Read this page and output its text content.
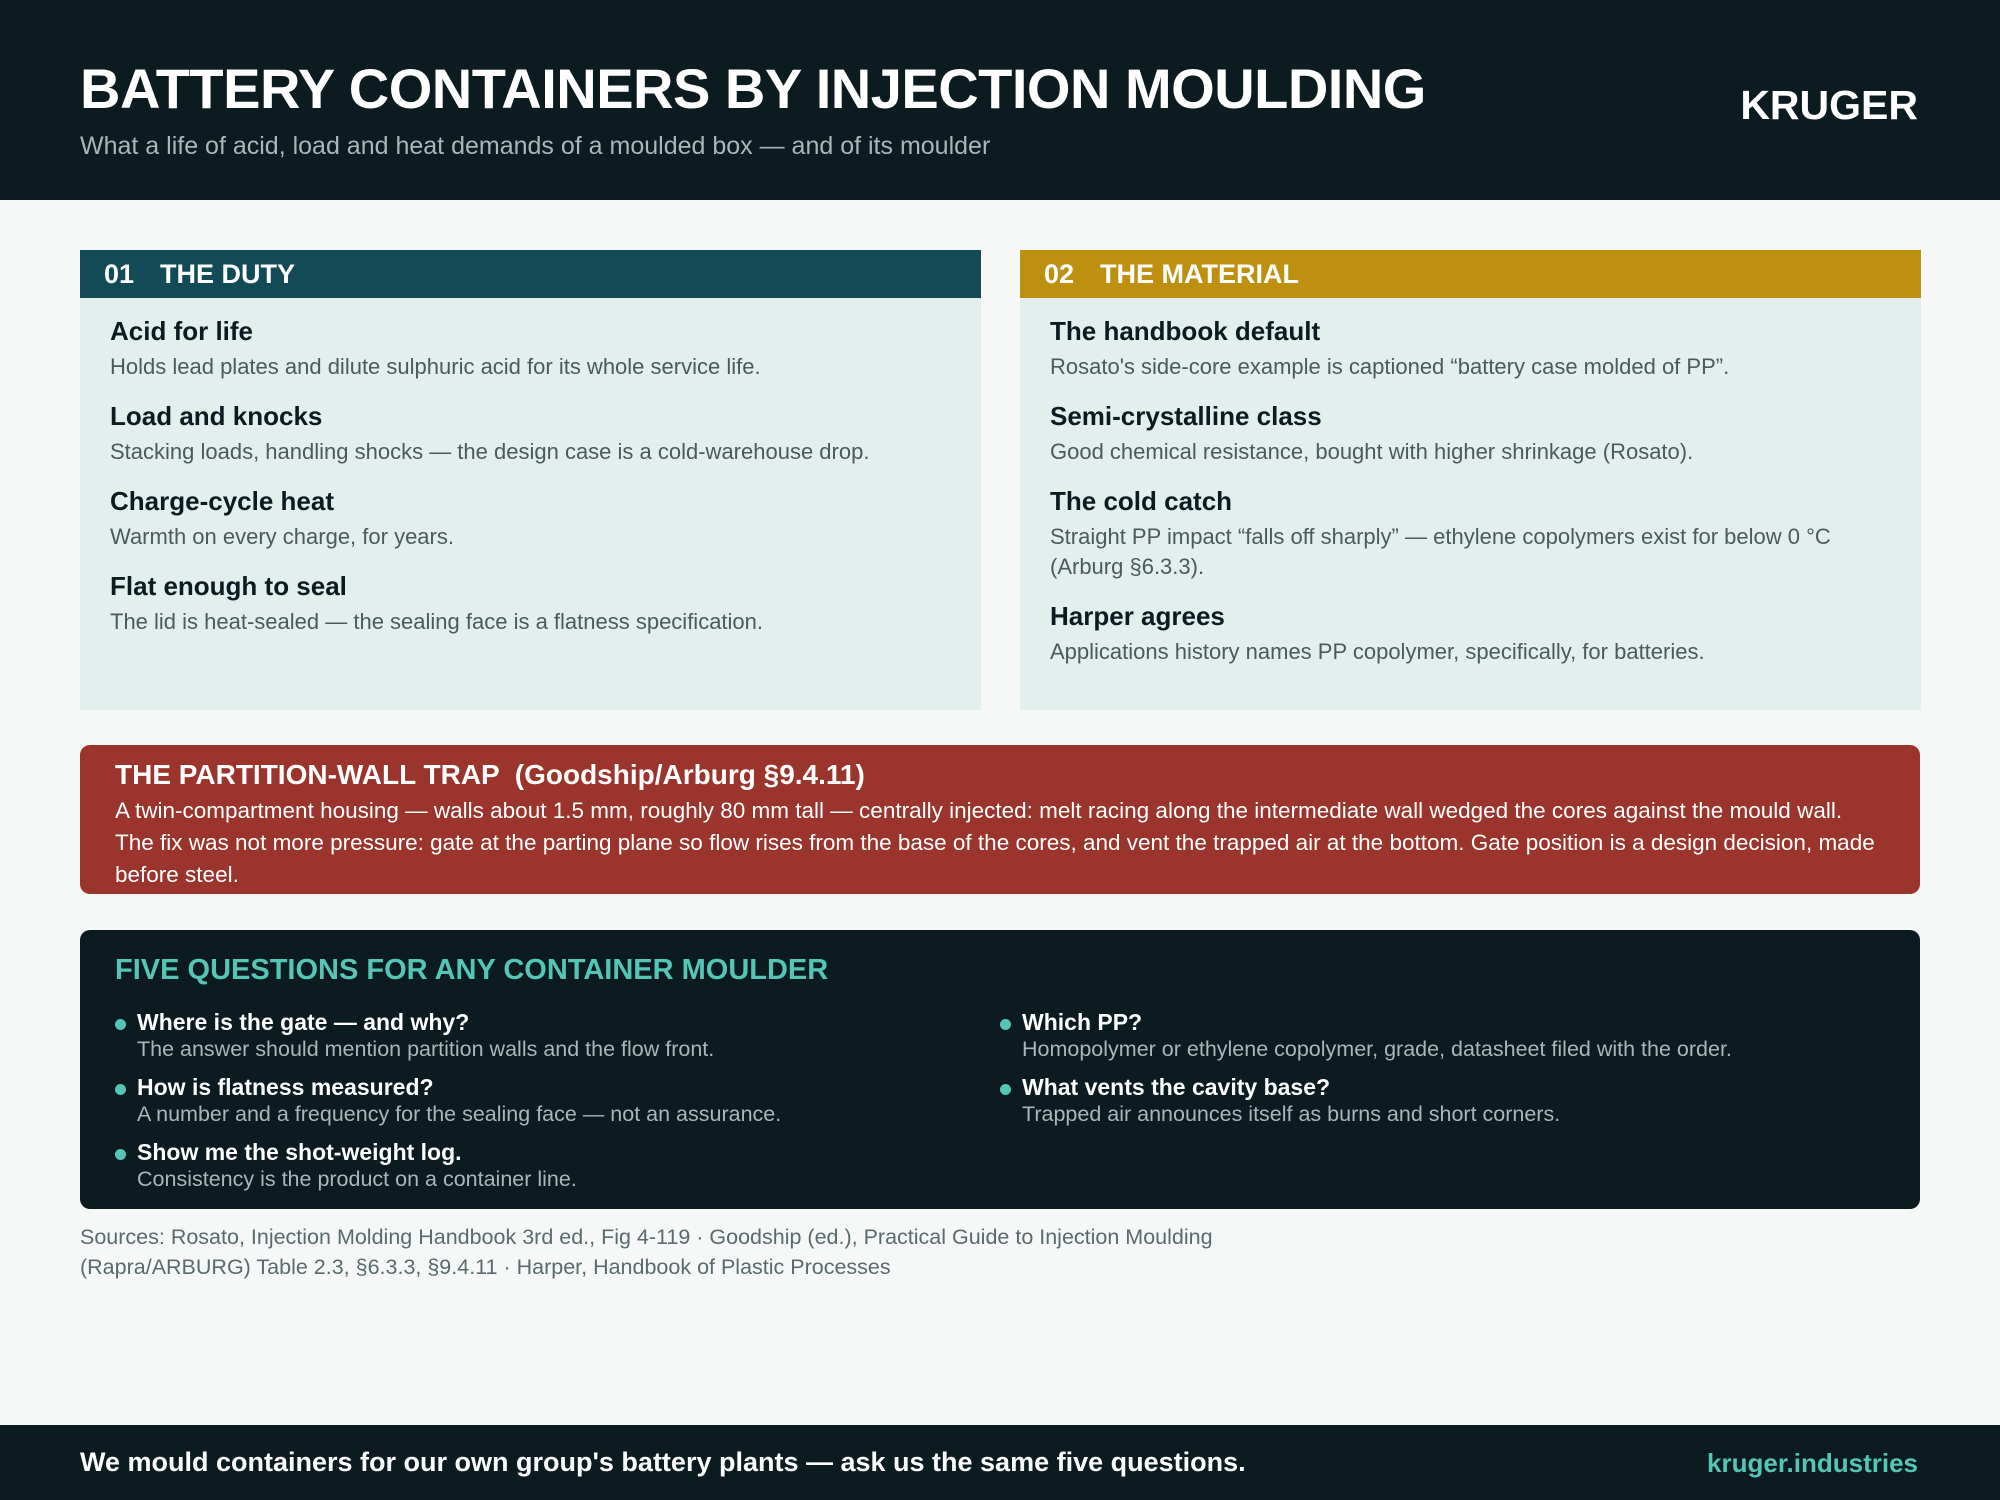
BATTERY CONTAINERS BY INJECTION MOULDING
What a life of acid, load and heat demands of a moulded box — and of its moulder
KRUGER
01 THE DUTY
Acid for life

Holds lead plates and dilute sulphuric acid for its whole service life.

Load and knocks

Stacking loads, handling shocks — the design case is a cold-warehouse drop.

Charge-cycle heat

Warmth on every charge, for years.

Flat enough to seal

The lid is heat-sealed — the sealing face is a flatness specification.

02 THE MATERIAL
The handbook default

Rosato's side-core example is captioned “battery case molded of PP”.

Semi-crystalline class

Good chemical resistance, bought with higher shrinkage (Rosato).

The cold catch

Straight PP impact “falls off sharply” — ethylene copolymers exist for below 0 °C (Arburg §6.3.3).

Harper agrees

Applications history names PP copolymer, specifically, for batteries.

THE PARTITION-WALL TRAP  (Goodship/Arburg §9.4.11)

A twin-compartment housing — walls about 1.5 mm, roughly 80 mm tall — centrally injected: melt racing along the intermediate wall wedged the cores against the mould wall. The fix was not more pressure: gate at the parting plane so flow rises from the base of the cores, and vent the trapped air at the bottom. Gate position is a design decision, made before steel.

FIVE QUESTIONS FOR ANY CONTAINER MOULDER
Where is the gate — and why?

The answer should mention partition walls and the flow front.

How is flatness measured?

A number and a frequency for the sealing face — not an assurance.

Show me the shot-weight log.

Consistency is the product on a container line.

Which PP?

Homopolymer or ethylene copolymer, grade, datasheet filed with the order.

What vents the cavity base?

Trapped air announces itself as burns and short corners.

Sources: Rosato, Injection Molding Handbook 3rd ed., Fig 4-119 · Goodship (ed.), Practical Guide to Injection Moulding (Rapra/ARBURG) Table 2.3, §6.3.3, §9.4.11 · Harper, Handbook of Plastic Processes
We mould containers for our own group's battery plants — ask us the same five questions.	kruger.industries
